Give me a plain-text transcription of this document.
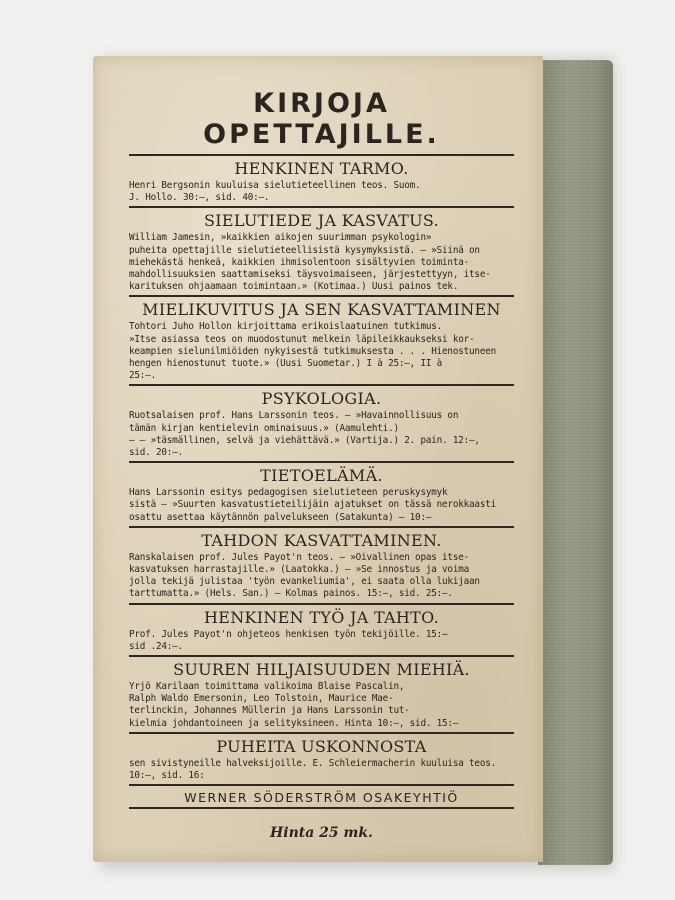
KIRJOJA OPETTAJILLE.
HENKINEN TARMO.
Henri Bergsonin kuuluisa sielutieteellinen teos. Suom.
J. Hollo. 30:—, sid. 40:—.
SIELUTIEDE JA KASVATUS.
William Jamesin, »kaikkien aikojen suurimman psykologin»
puheita opettajille sielutieteellisistä kysymyksistä. — »Siinä on
miehekästä henkeä, kaikkien ihmisolentoon sisältyvien toiminta-
mahdollisuuksien saattamiseksi täysvoimaiseen, järjestettyyn, itse-
karituksen ohjaamaan toimintaan.» (Kotimaa.) Uusi painos tek.
MIELIKUVITUS JA SEN KASVATTAMINEN
Tohtori Juho Hollon kirjoittama erikoislaatuinen tutkimus.
»Itse asiassa teos on muodostunut melkein läpileikkaukseksi kor-
keampien sielunilmiöiden nykyisestä tutkimuksesta . . . Hienostuneen
hengen hienostunut tuote.» (Uusi Suometar.) I à 25:—, II à
25:—.
PSYKOLOGIA.
Ruotsalaisen prof. Hans Larssonin teos. — »Havainnollisuus on
tämän kirjan kentielevin ominaisuus.» (Aamulehti.)
— — »täsmällinen, selvä ja viehättävä.» (Vartija.) 2. pain. 12:—,
sid. 20:—.
TIETOELÄMÄ.
Hans Larssonin esitys pedagogisen sielutieteen peruskysymyk
sistä — »Suurten kasvatustieteilijäin ajatukset on tässä nerokkaasti
osattu asettaa käytännön palvelukseen (Satakunta) — 10:—
TAHDON KASVATTAMINEN.
Ranskalaisen prof. Jules Payot'n teos. — »Oivallinen opas itse-
kasvatuksen harrastajille.» (Laatokka.) — »Se innostus ja voima
jolla tekijä julistaa 'työn evankeliumia', ei saata olla lukijaan
tarttumatta.» (Hels. San.) — Kolmas painos. 15:—, sid. 25:—.
HENKINEN TYÖ JA TAHTO.
Prof. Jules Payot'n ohjeteos henkisen työn tekijöille. 15:—
sid .24:—.
SUUREN HILJAISUUDEN MIEHIÄ.
Yrjö Karilaan toimittama valikoima Blaise Pascalin,
Ralph Waldo Emersonin, Leo Tolstoin, Maurice Mae-
terlinckin, Johannes Müllerin ja Hans Larssonin tut-
kielmia johdantoineen ja selityksineen. Hinta 10:—, sid. 15:—
PUHEITA USKONNOSTA
sen sivistyneille halveksijoille. E. Schleiermacherin kuuluisa teos.
10:—, sid. 16:
WERNER SÖDERSTRÖM OSAKEYHTIÖ
Hinta 25 mk.
